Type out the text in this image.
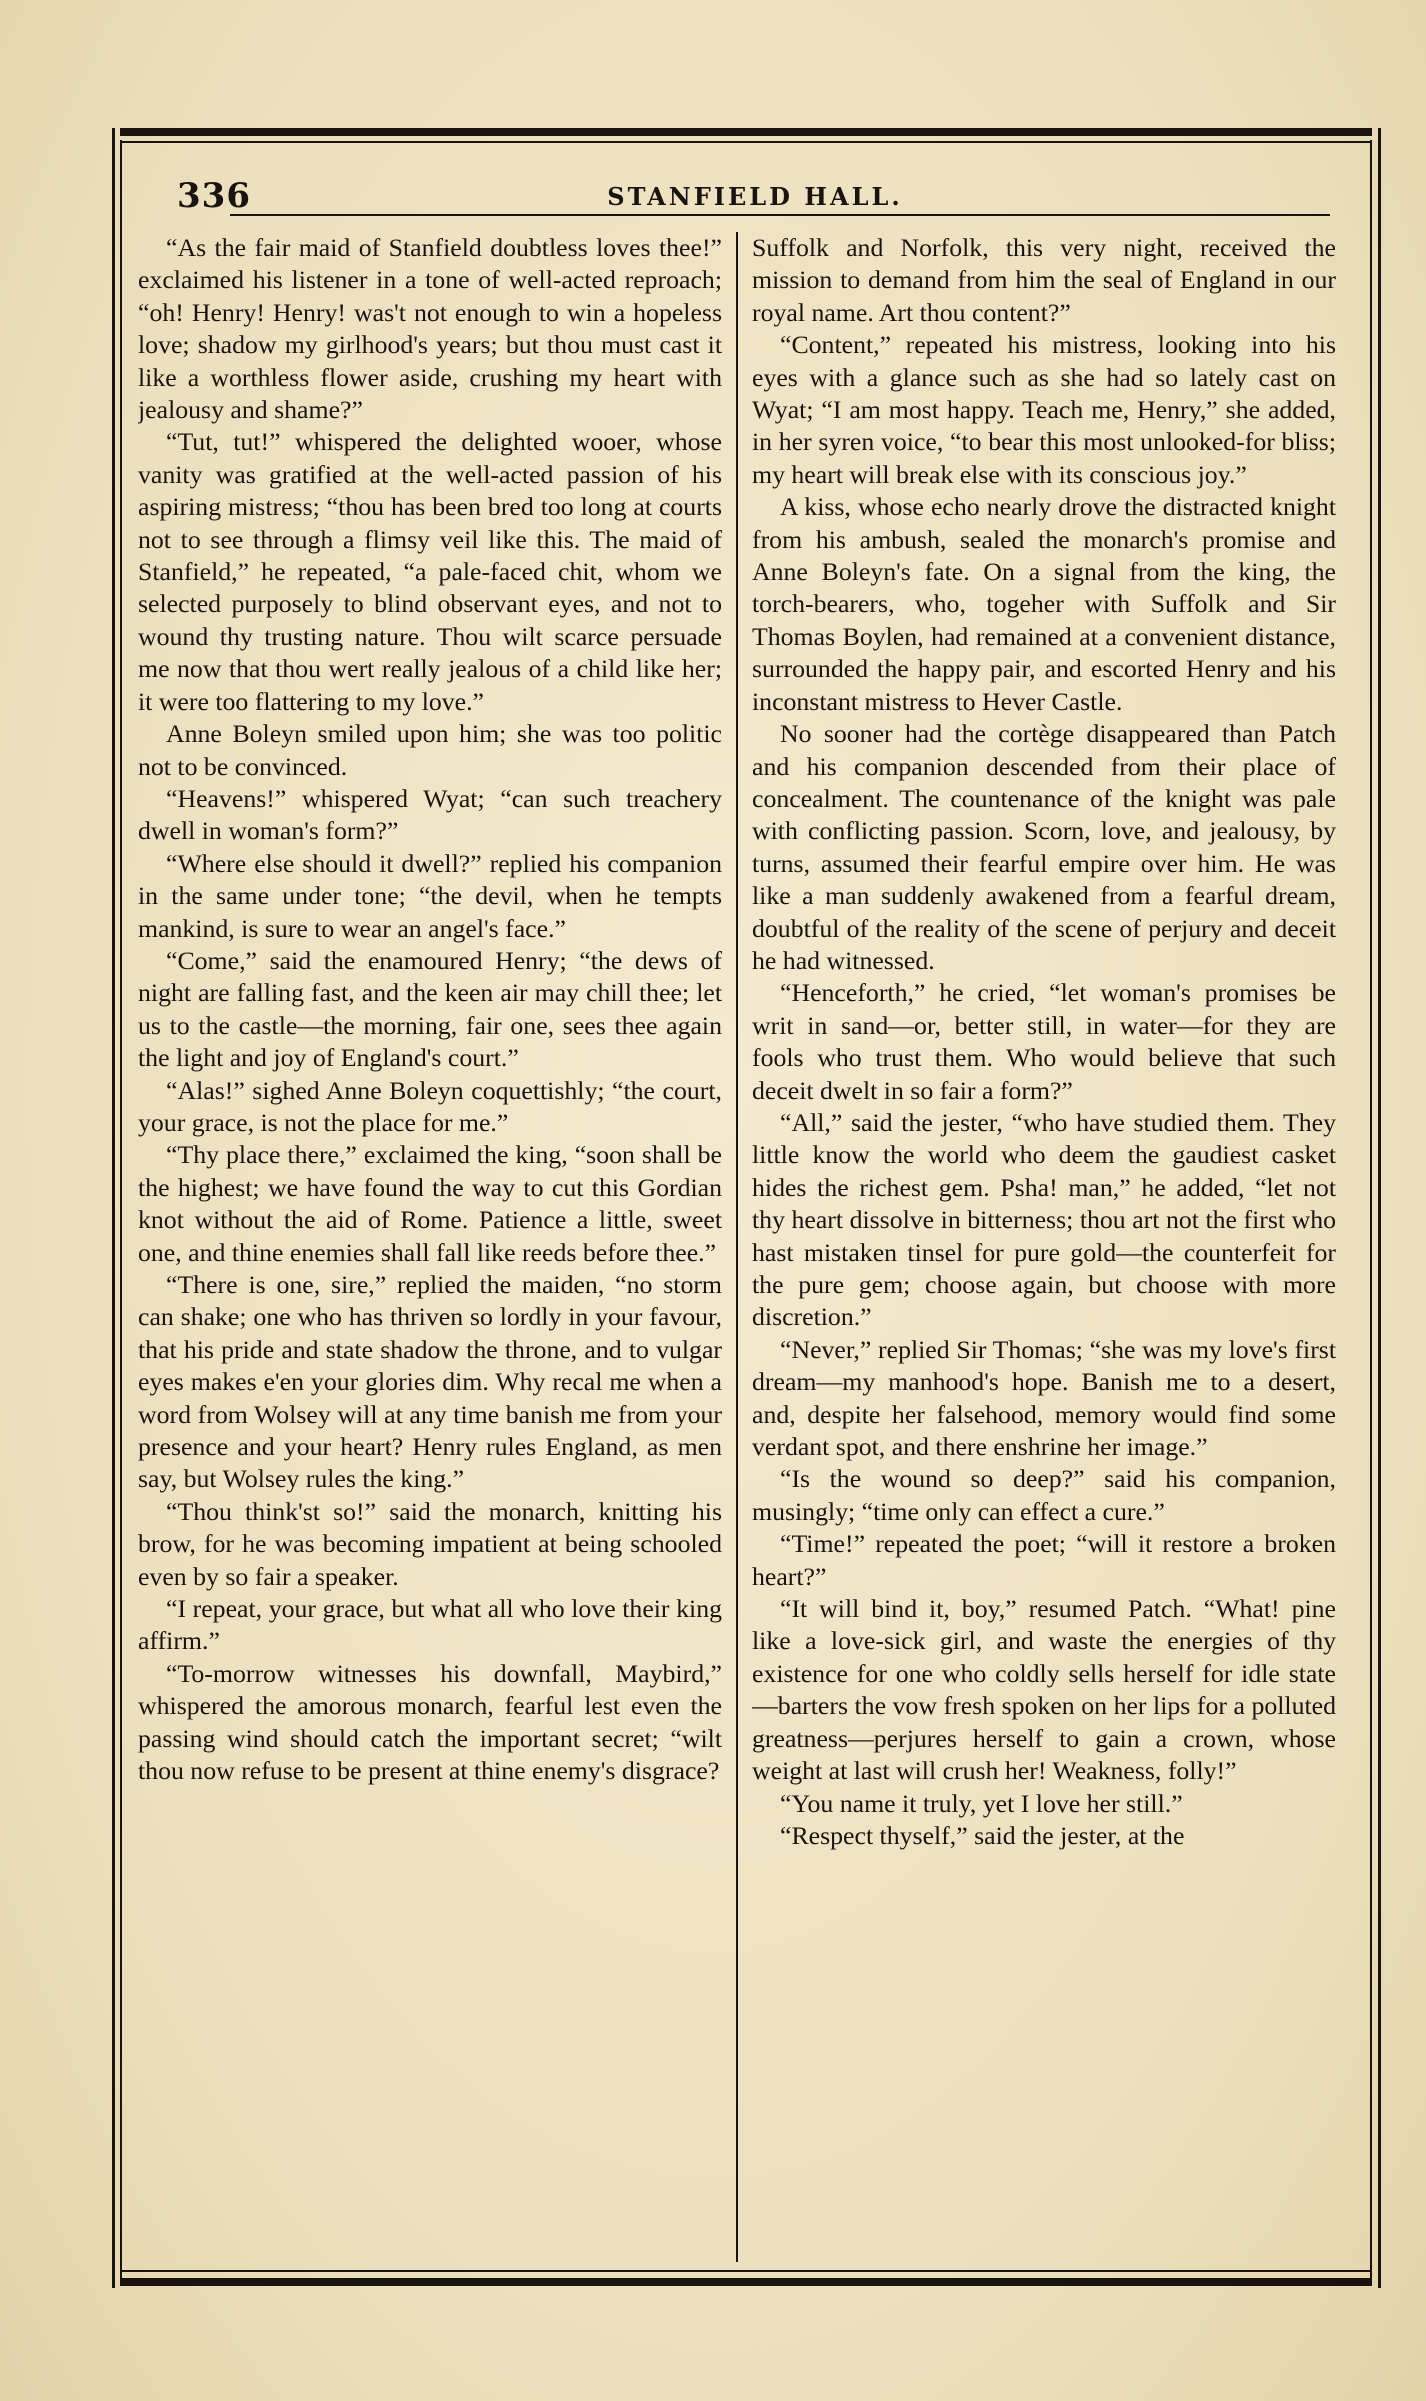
336	STANFIELD HALL.

“As the fair maid of Stanfield doubtless loves thee!” exclaimed his listener in a tone of well-acted reproach; “oh! Henry! Henry! was't not enough to win a hopeless love; shadow my girlhood's years; but thou must cast it like a worthless flower aside, crushing my heart with jealousy and shame?”

“Tut, tut!” whispered the delighted wooer, whose vanity was gratified at the well-acted passion of his aspiring mistress; “thou has been bred too long at courts not to see through a flimsy veil like this. The maid of Stanfield,” he repeated, “a pale-faced chit, whom we selected purposely to blind observant eyes, and not to wound thy trusting nature. Thou wilt scarce persuade me now that thou wert really jealous of a child like her; it were too flattering to my love.”

Anne Boleyn smiled upon him; she was too politic not to be convinced.

“Heavens!” whispered Wyat; “can such treachery dwell in woman's form?”

“Where else should it dwell?” replied his companion in the same under tone; “the devil, when he tempts mankind, is sure to wear an angel's face.”

“Come,” said the enamoured Henry; “the dews of night are falling fast, and the keen air may chill thee; let us to the castle—the morning, fair one, sees thee again the light and joy of England's court.”

“Alas!” sighed Anne Boleyn coquettishly; “the court, your grace, is not the place for me.”

“Thy place there,” exclaimed the king, “soon shall be the highest; we have found the way to cut this Gordian knot without the aid of Rome. Patience a little, sweet one, and thine enemies shall fall like reeds before thee.”

“There is one, sire,” replied the maiden, “no storm can shake; one who has thriven so lordly in your favour, that his pride and state shadow the throne, and to vulgar eyes makes e'en your glories dim. Why recal me when a word from Wolsey will at any time banish me from your presence and your heart? Henry rules England, as men say, but Wolsey rules the king.”

“Thou think'st so!” said the monarch, knitting his brow, for he was becoming impatient at being schooled even by so fair a speaker.

“I repeat, your grace, but what all who love their king affirm.”

“To-morrow witnesses his downfall, Maybird,” whispered the amorous monarch, fearful lest even the passing wind should catch the important secret; “wilt thou now refuse to be present at thine enemy's disgrace?

Suffolk and Norfolk, this very night, received the mission to demand from him the seal of England in our royal name. Art thou content?”

“Content,” repeated his mistress, looking into his eyes with a glance such as she had so lately cast on Wyat; “I am most happy. Teach me, Henry,” she added, in her syren voice, “to bear this most unlooked-for bliss; my heart will break else with its conscious joy.”

A kiss, whose echo nearly drove the distracted knight from his ambush, sealed the monarch's promise and Anne Boleyn's fate. On a signal from the king, the torch-bearers, who, togeher with Suffolk and Sir Thomas Boylen, had remained at a convenient distance, surrounded the happy pair, and escorted Henry and his inconstant mistress to Hever Castle.

No sooner had the cortège disappeared than Patch and his companion descended from their place of concealment. The countenance of the knight was pale with conflicting passion. Scorn, love, and jealousy, by turns, assumed their fearful empire over him. He was like a man suddenly awakened from a fearful dream, doubtful of the reality of the scene of perjury and deceit he had witnessed.

“Henceforth,” he cried, “let woman's promises be writ in sand—or, better still, in water—for they are fools who trust them. Who would believe that such deceit dwelt in so fair a form?”

“All,” said the jester, “who have studied them. They little know the world who deem the gaudiest casket hides the richest gem. Psha! man,” he added, “let not thy heart dissolve in bitterness; thou art not the first who hast mistaken tinsel for pure gold—the counterfeit for the pure gem; choose again, but choose with more discretion.”

“Never,” replied Sir Thomas; “she was my love's first dream—my manhood's hope. Banish me to a desert, and, despite her falsehood, memory would find some verdant spot, and there enshrine her image.”

“Is the wound so deep?” said his companion, musingly; “time only can effect a cure.”

“Time!” repeated the poet; “will it restore a broken heart?”

“It will bind it, boy,” resumed Patch. “What! pine like a love-sick girl, and waste the energies of thy existence for one who coldly sells herself for idle state—barters the vow fresh spoken on her lips for a polluted greatness—perjures herself to gain a crown, whose weight at last will crush her! Weakness, folly!”

“You name it truly, yet I love her still.”

“Respect thyself,” said the jester, at the
